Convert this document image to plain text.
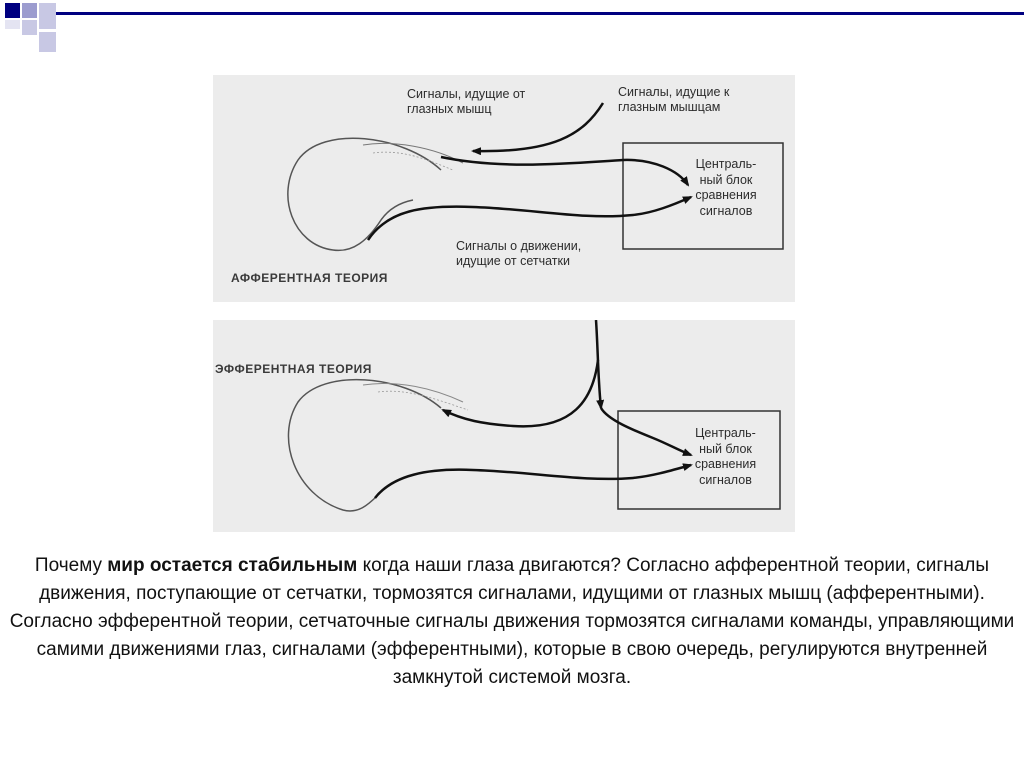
Сигналы, идущие от
глазных мышц
Сигналы, идущие к
глазным мышцам
Централь-
ный блок
сравнения
сигналов
Сигналы о движении,
идущие от сетчатки
АФФЕРЕНТНАЯ ТЕОРИЯ
ЭФФЕРЕНТНАЯ ТЕОРИЯ
Централь-
ный блок
сравнения
сигналов
Почему мир остается стабильным когда наши глаза двигаются? Согласно афферентной теории, сигналы движения, поступающие от сетчатки, тормозятся сигналами, идущими от глазных мышц (афферентными). Согласно эфферентной теории, сетчаточные сигналы движения тормозятся сигналами команды, управляющими самими движениями глаз, сигналами (эфферентными), которые в свою очередь, регулируются внутренней замкнутой системой мозга.
